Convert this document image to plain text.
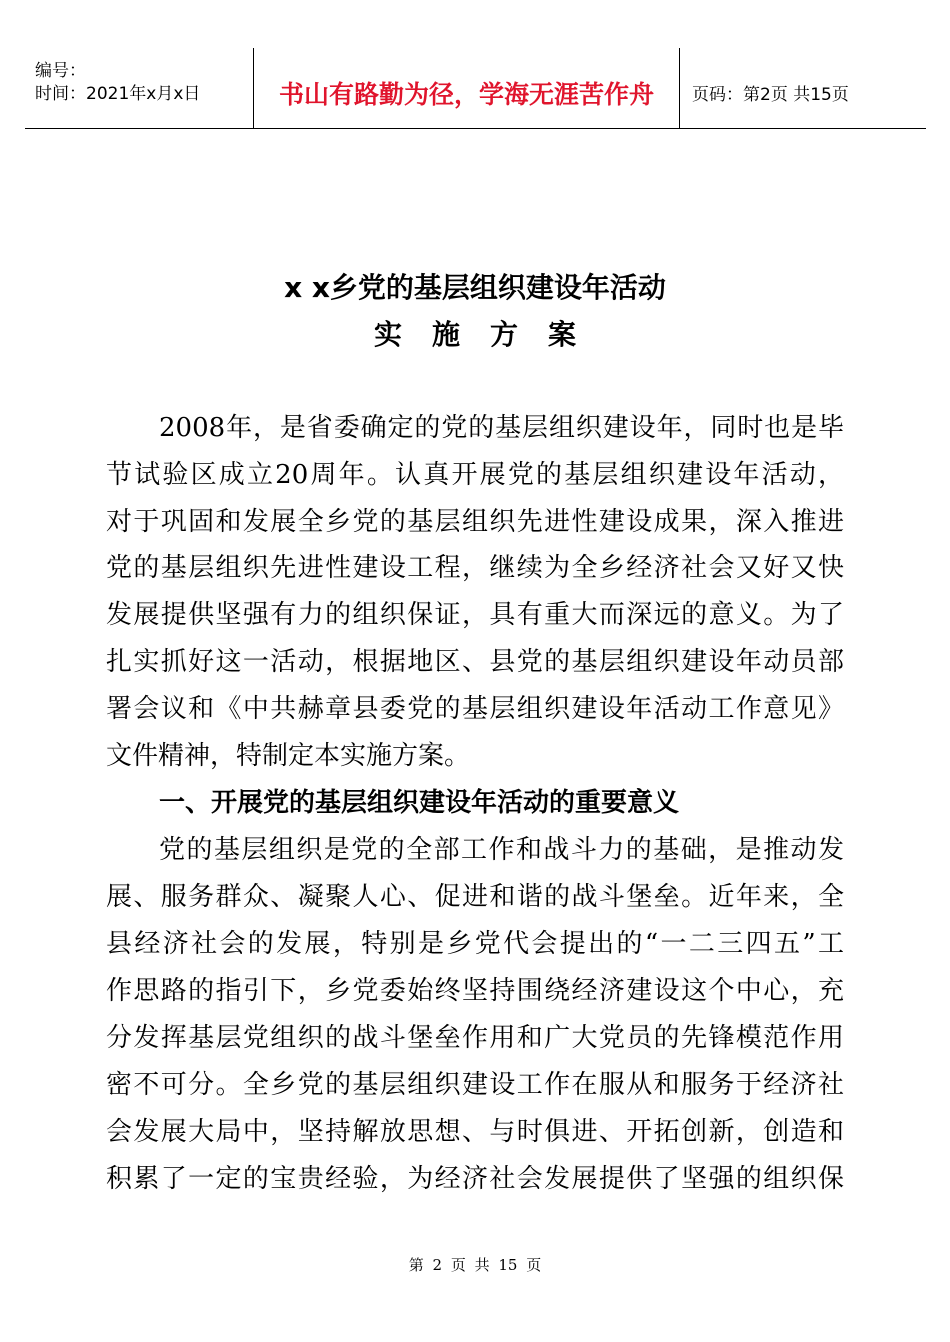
编号：
时间：2021年x月x日	书山有路勤为径，学海无涯苦作舟	页码：第2页 共15页
x x乡党的基层组织建设年活动
实施方案
2008年，是省委确定的党的基层组织建设年，同时也是毕
节试验区成立20周年。认真开展党的基层组织建设年活动，
对于巩固和发展全乡党的基层组织先进性建设成果，深入推进
党的基层组织先进性建设工程，继续为全乡经济社会又好又快
发展提供坚强有力的组织保证，具有重大而深远的意义。为了
扎实抓好这一活动，根据地区、县党的基层组织建设年动员部
署会议和《中共赫章县委党的基层组织建设年活动工作意见》
文件精神，特制定本实施方案。
一、开展党的基层组织建设年活动的重要意义
党的基层组织是党的全部工作和战斗力的基础，是推动发
展、服务群众、凝聚人心、促进和谐的战斗堡垒。近年来，全
县经济社会的发展，特别是乡党代会提出的“一二三四五”工
作思路的指引下，乡党委始终坚持围绕经济建设这个中心，充
分发挥基层党组织的战斗堡垒作用和广大党员的先锋模范作用
密不可分。全乡党的基层组织建设工作在服从和服务于经济社
会发展大局中，坚持解放思想、与时俱进、开拓创新，创造和
积累了一定的宝贵经验，为经济社会发展提供了坚强的组织保
第 2 页 共 15 页
